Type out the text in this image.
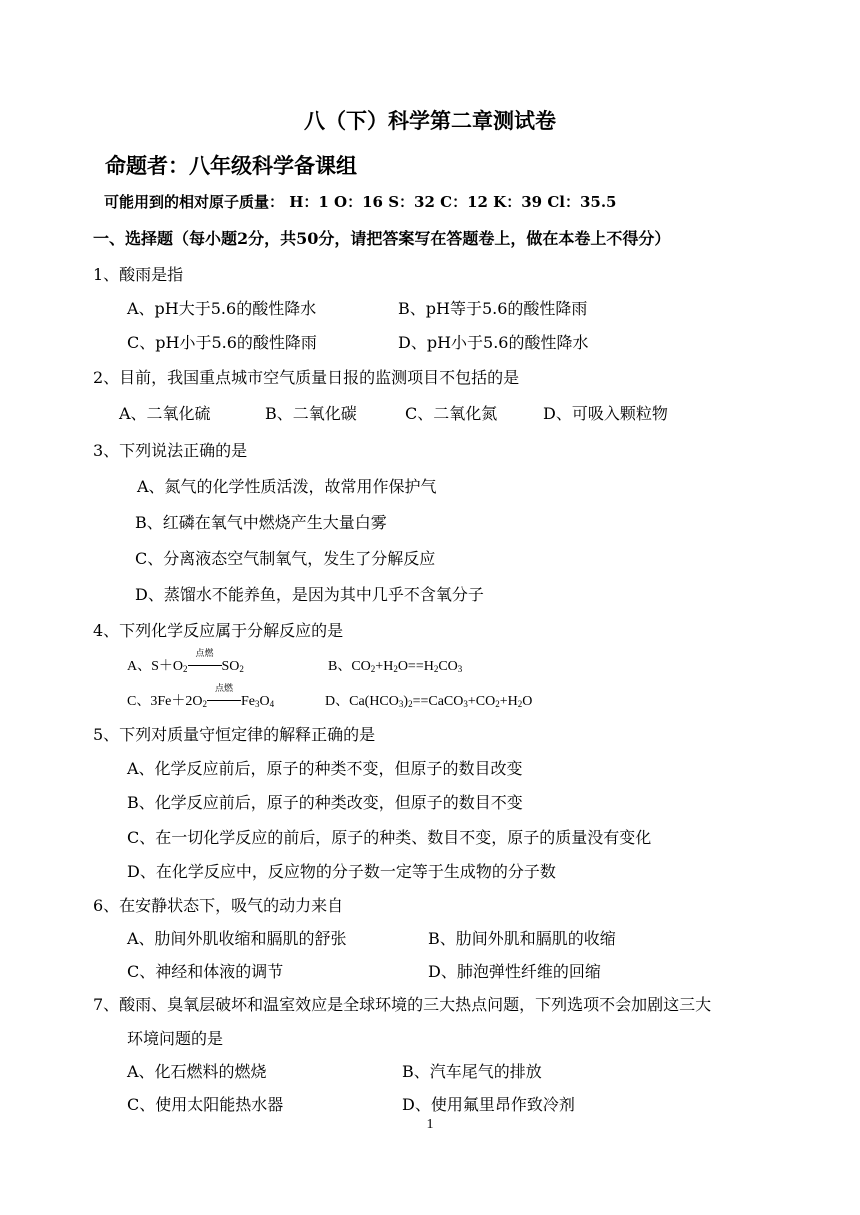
八（下）科学第二章测试卷
命题者：八年级科学备课组
可能用到的相对原子质量： H：1 O：16 S：32 C：12 K：39 Cl：35.5
一、选择题（每小题2分，共50分，请把答案写在答题卷上，做在本卷上不得分）
1、酸雨是指
A、pH大于5.6的酸性降水	B、pH等于5.6的酸性降雨
C、pH小于5.6的酸性降雨	D、pH小于5.6的酸性降水
2、目前，我国重点城市空气质量日报的监测项目不包括的是
A、二氧化硫	B、二氧化碳	C、二氧化氮	D、可吸入颗粒物
3、下列说法正确的是
A、氮气的化学性质活泼，故常用作保护气
B、红磷在氧气中燃烧产生大量白雾
C、分离液态空气制氧气，发生了分解反应
D、蒸馏水不能养鱼，是因为其中几乎不含氧分子
4、下列化学反应属于分解反应的是
A、$S+O_2$
点燃
$SO_2$	B、$CO_2+H_2O==H_2CO_3$
C、$3Fe+2O_2$
点燃
$Fe_3O_4$	D、$Ca(HCO_3)_2==CaCO_3+CO_2+H_2O$
5、下列对质量守恒定律的解释正确的是
A、化学反应前后，原子的种类不变，但原子的数目改变
B、化学反应前后，原子的种类改变，但原子的数目不变
C、在一切化学反应的前后，原子的种类、数目不变，原子的质量没有变化
D、在化学反应中，反应物的分子数一定等于生成物的分子数
6、在安静状态下，吸气的动力来自
A、肋间外肌收缩和膈肌的舒张	B、肋间外肌和膈肌的收缩
C、神经和体液的调节	D、肺泡弹性纤维的回缩
7、酸雨、臭氧层破坏和温室效应是全球环境的三大热点问题，下列选项不会加剧这三大
环境问题的是
A、化石燃料的燃烧	B、汽车尾气的排放
C、使用太阳能热水器	D、使用氟里昂作致冷剂
1
